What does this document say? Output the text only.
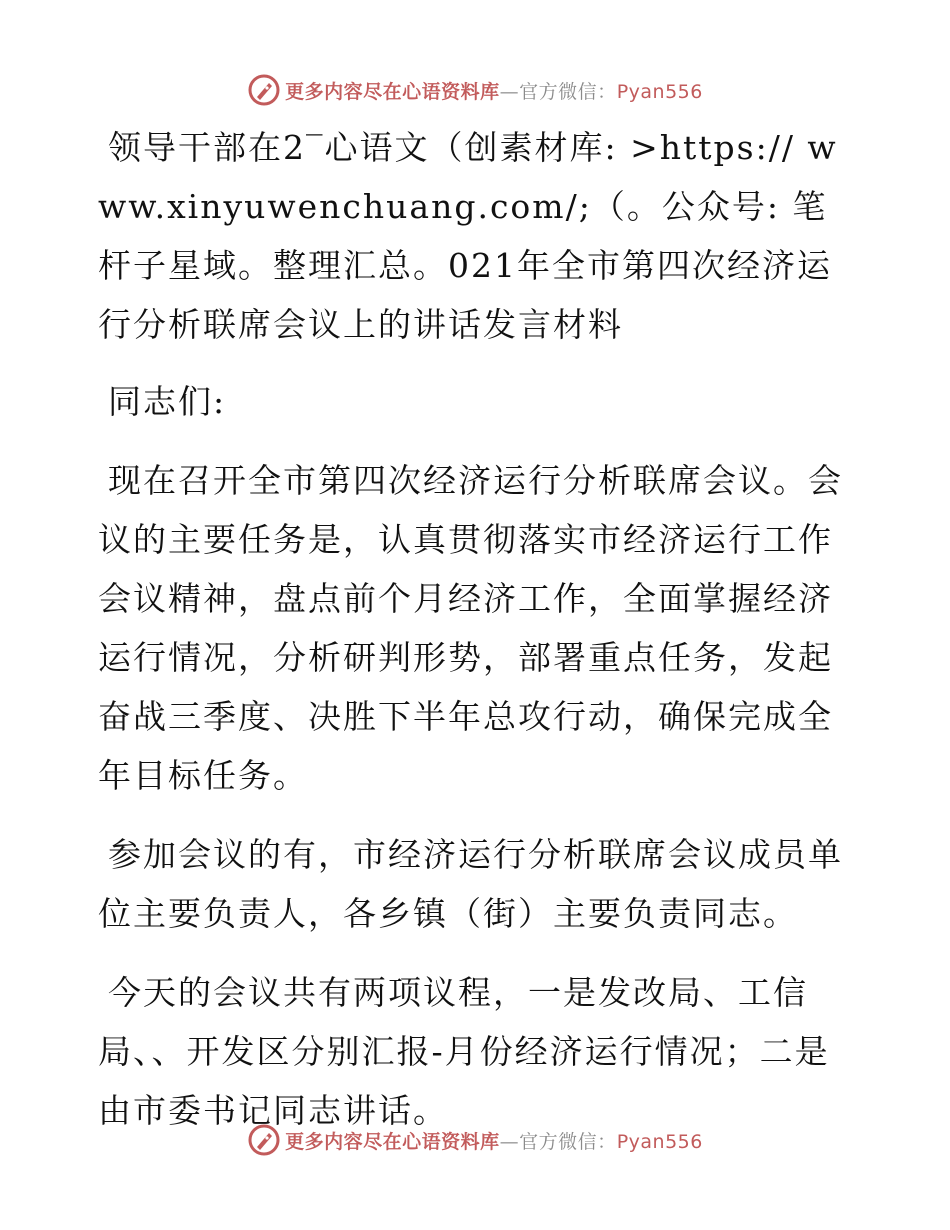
更多内容尽在心语资料库—官方微信：Pyan556

领导干部在2‾心语文（创素材库: >https:// www.xinyuwenchuang.com/;（。公众号: 笔杆子星域。整理汇总。021年全市第四次经济运行分析联席会议上的讲话发言材料

同志们:

现在召开全市第四次经济运行分析联席会议。会议的主要任务是，认真贯彻落实市经济运行工作会议精神，盘点前个月经济工作，全面掌握经济运行情况，分析研判形势，部署重点任务，发起奋战三季度、决胜下半年总攻行动，确保完成全年目标任务。

参加会议的有，市经济运行分析联席会议成员单位主要负责人，各乡镇（街）主要负责同志。

今天的会议共有两项议程，一是发改局、工信局、、开发区分别汇报-月份经济运行情况；二是由市委书记同志讲话。

更多内容尽在心语资料库—官方微信：Pyan556
